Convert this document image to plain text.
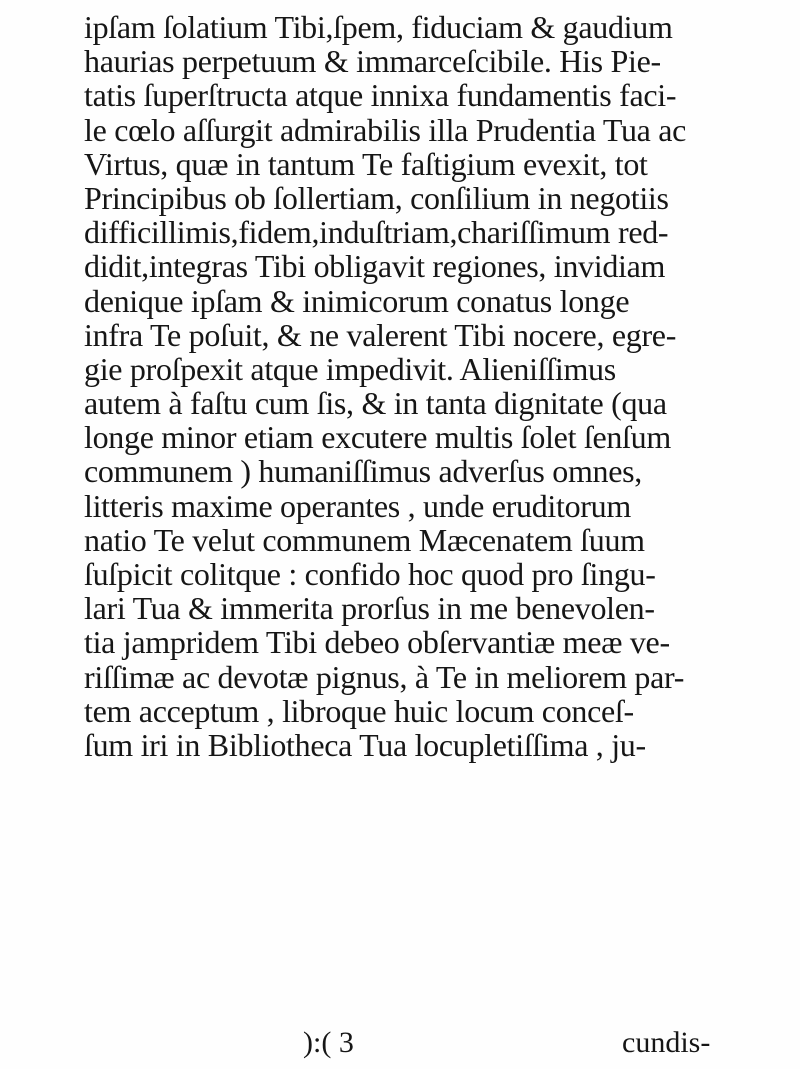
ipſam ſolatium Tibi,ſpem, fiduciam & gaudium
haurias perpetuum & immarceſcibile. His Pie-
tatis ſuperſtructa atque innixa fundamentis faci-
le cœlo aſſurgit admirabilis illa Prudentia Tua ac
Virtus, quæ in tantum Te faſtigium evexit, tot
Principibus ob ſollertiam, conſilium in negotiis
difficillimis,fidem,induſtriam,chariſſimum red-
didit,integras Tibi obligavit regiones, invidiam
denique ipſam & inimicorum conatus longe
infra Te poſuit, & ne valerent Tibi nocere, egre-
gie proſpexit atque impedivit. Alieniſſimus
autem à faſtu cum ſis, & in tanta dignitate (qua
longe minor etiam excutere multis ſolet ſenſum
communem ) humaniſſimus adverſus omnes,
litteris maxime operantes , unde eruditorum
natio Te velut communem Mæcenatem ſuum
ſuſpicit colitque : confido hoc quod pro ſingu-
lari Tua & immerita prorſus in me benevolen-
tia jampridem Tibi debeo obſervantiæ meæ ve-
riſſimæ ac devotæ pignus, à Te in meliorem par-
tem acceptum , libroque huic locum conceſ-
ſum iri in Bibliotheca Tua locupletiſſima , ju-
):( 3	cundis-
